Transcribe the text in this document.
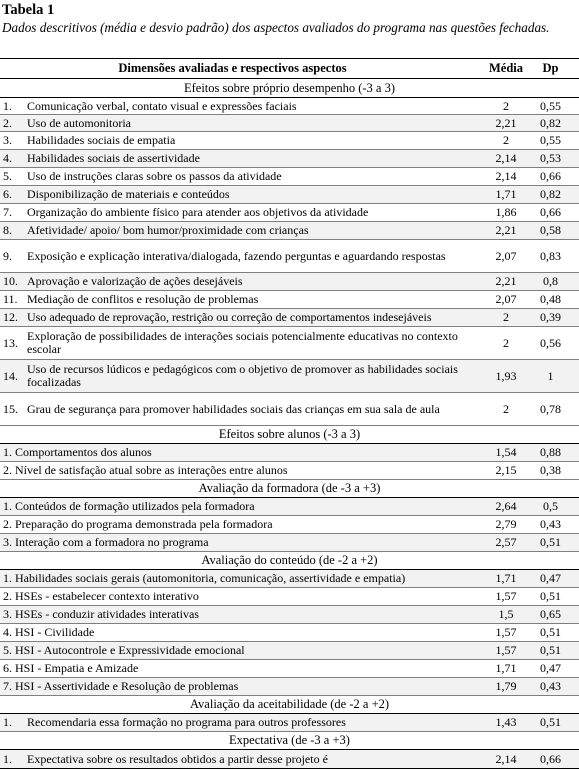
Tabela 1
Dados descritivos (média e desvio padrão) dos aspectos avaliados do programa nas questões fechadas.
Dimensões avaliadas e respectivos aspectos	Média	Dp
Efeitos sobre próprio desempenho (-3 a 3)
1. Comunicação verbal, contato visual e expressões faciais	2	0,55
2. Uso de automonitoria	2,21	0,82
3. Habilidades sociais de empatia	2	0,55
4. Habilidades sociais de assertividade	2,14	0,53
5. Uso de instruções claras sobre os passos da atividade	2,14	0,66
6. Disponibilização de materiais e conteúdos	1,71	0,82
7. Organização do ambiente físico para atender aos objetivos da atividade	1,86	0,66
8. Afetividade/ apoio/ bom humor/proximidade com crianças	2,21	0,58
9. Exposição e explicação interativa/dialogada, fazendo perguntas e aguardando respostas	2,07	0,83
10. Aprovação e valorização de ações desejáveis	2,21	0,8
11. Mediação de conflitos e resolução de problemas	2,07	0,48
12. Uso adequado de reprovação, restrição ou correção de comportamentos indesejáveis	2	0,39
13. Exploração de possibilidades de interações sociais potencialmente educativas no contexto escolar	2	0,56
14. Uso de recursos lúdicos e pedagógicos com o objetivo de promover as habilidades sociais focalizadas	1,93	1
15. Grau de segurança para promover habilidades sociais das crianças em sua sala de aula	2	0,78
Efeitos sobre alunos (-3 a 3)
1. Comportamentos dos alunos	1,54	0,88
2. Nível de satisfação atual sobre as interações entre alunos	2,15	0,38
Avaliação da formadora (de -3 a +3)
1. Conteúdos de formação utilizados pela formadora	2,64	0,5
2. Preparação do programa demonstrada pela formadora	2,79	0,43
3. Interação com a formadora no programa	2,57	0,51
Avaliação do conteúdo (de -2 a +2)
1. Habilidades sociais gerais (automonitoria, comunicação, assertividade e empatia)	1,71	0,47
2. HSEs - estabelecer contexto interativo	1,57	0,51
3. HSEs - conduzir atividades interativas	1,5	0,65
4. HSI - Civilidade	1,57	0,51
5. HSI - Autocontrole e Expressividade emocional	1,57	0,51
6. HSI - Empatia e Amizade	1,71	0,47
7. HSI - Assertividade e Resolução de problemas	1,79	0,43
Avaliação da aceitabilidade (de -2 a +2)
1. Recomendaria essa formação no programa para outros professores	1,43	0,51
Expectativa (de -3 a +3)
1. Expectativa sobre os resultados obtidos a partir desse projeto é	2,14	0,66
